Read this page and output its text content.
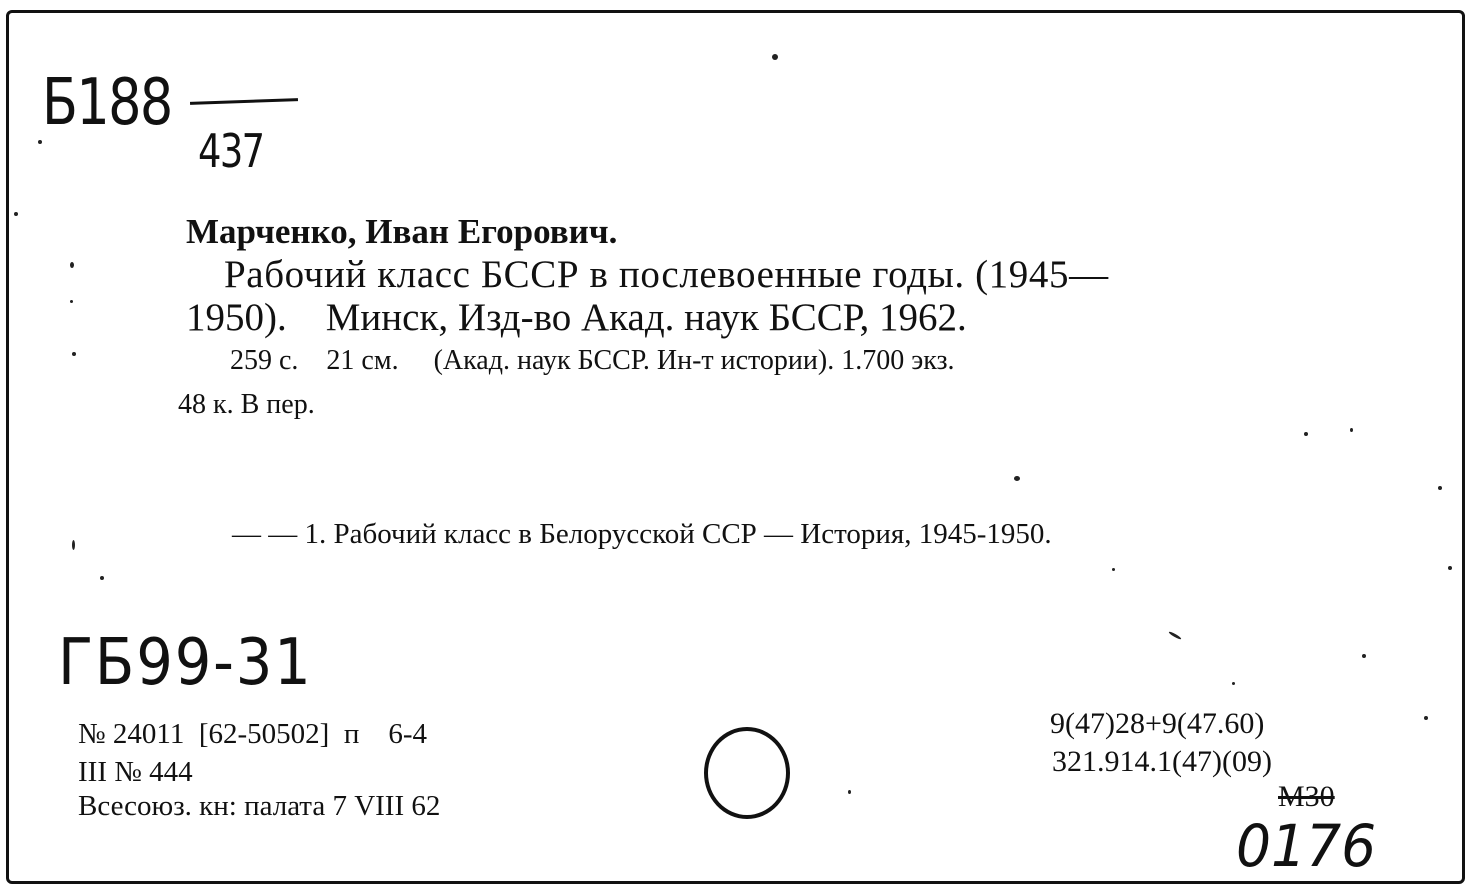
Б188
437
Марченко, Иван Егорович.
Рабочий класс БССР в послевоенные годы. (1945—
1950).    Минск, Изд-во Акад. наук БССР, 1962.
259 с.    21 см.     (Акад. наук БССР. Ин-т истории). 1.700 экз.
48 к. В пер.
— — 1. Рабочий класс в Белорусской ССР — История, 1945-1950.
ГБ99-31
№ 24011  [62-50502]  п    6-4
III № 444
Всесоюз. кн: палата 7 VIII 62
9(47)28+9(47.60)
321.914.1(47)(09)
М30
0176
